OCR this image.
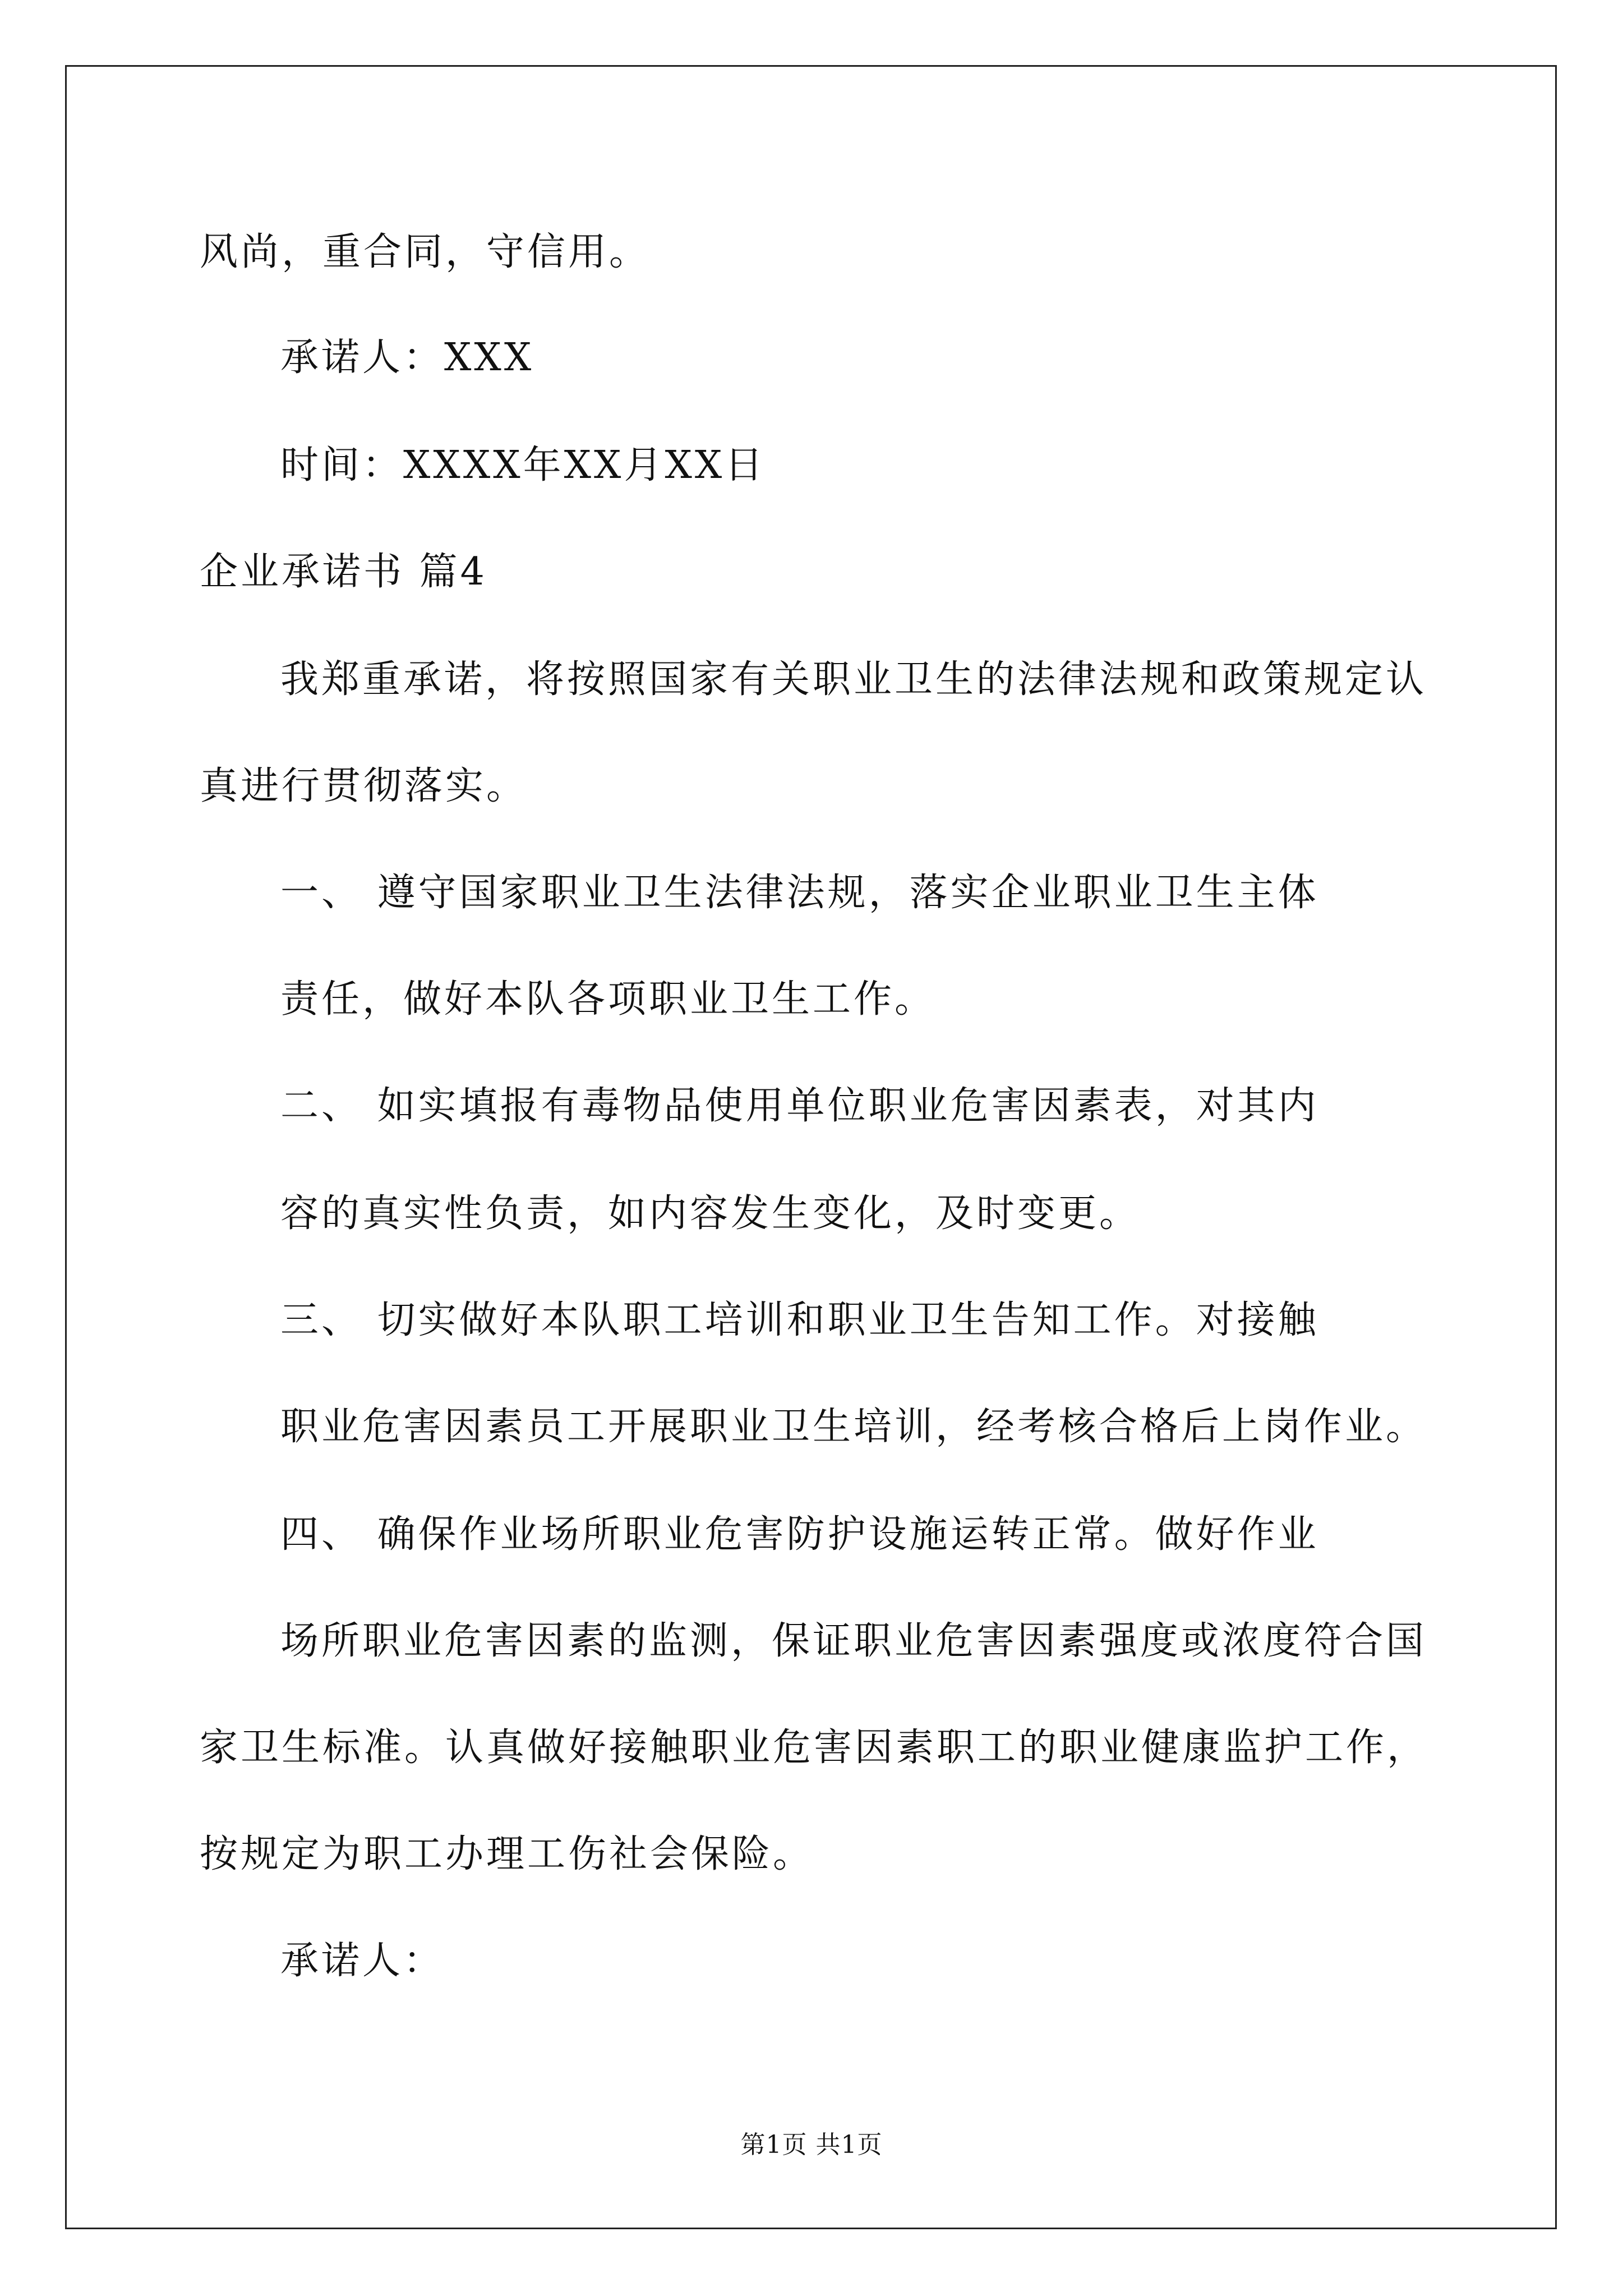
风尚，重合同，守信用。
承诺人：XXX
时间：XXXX年XX月XX日
企业承诺书 篇4
我郑重承诺，将按照国家有关职业卫生的法律法规和政策规定认
真进行贯彻落实。
一、 遵守国家职业卫生法律法规，落实企业职业卫生主体
责任，做好本队各项职业卫生工作。
二、 如实填报有毒物品使用单位职业危害因素表，对其内
容的真实性负责，如内容发生变化，及时变更。
三、 切实做好本队职工培训和职业卫生告知工作。对接触
职业危害因素员工开展职业卫生培训，经考核合格后上岗作业。
四、 确保作业场所职业危害防护设施运转正常。做好作业
场所职业危害因素的监测，保证职业危害因素强度或浓度符合国
家卫生标准。认真做好接触职业危害因素职工的职业健康监护工作，
按规定为职工办理工伤社会保险。
承诺人：
第1页 共1页
